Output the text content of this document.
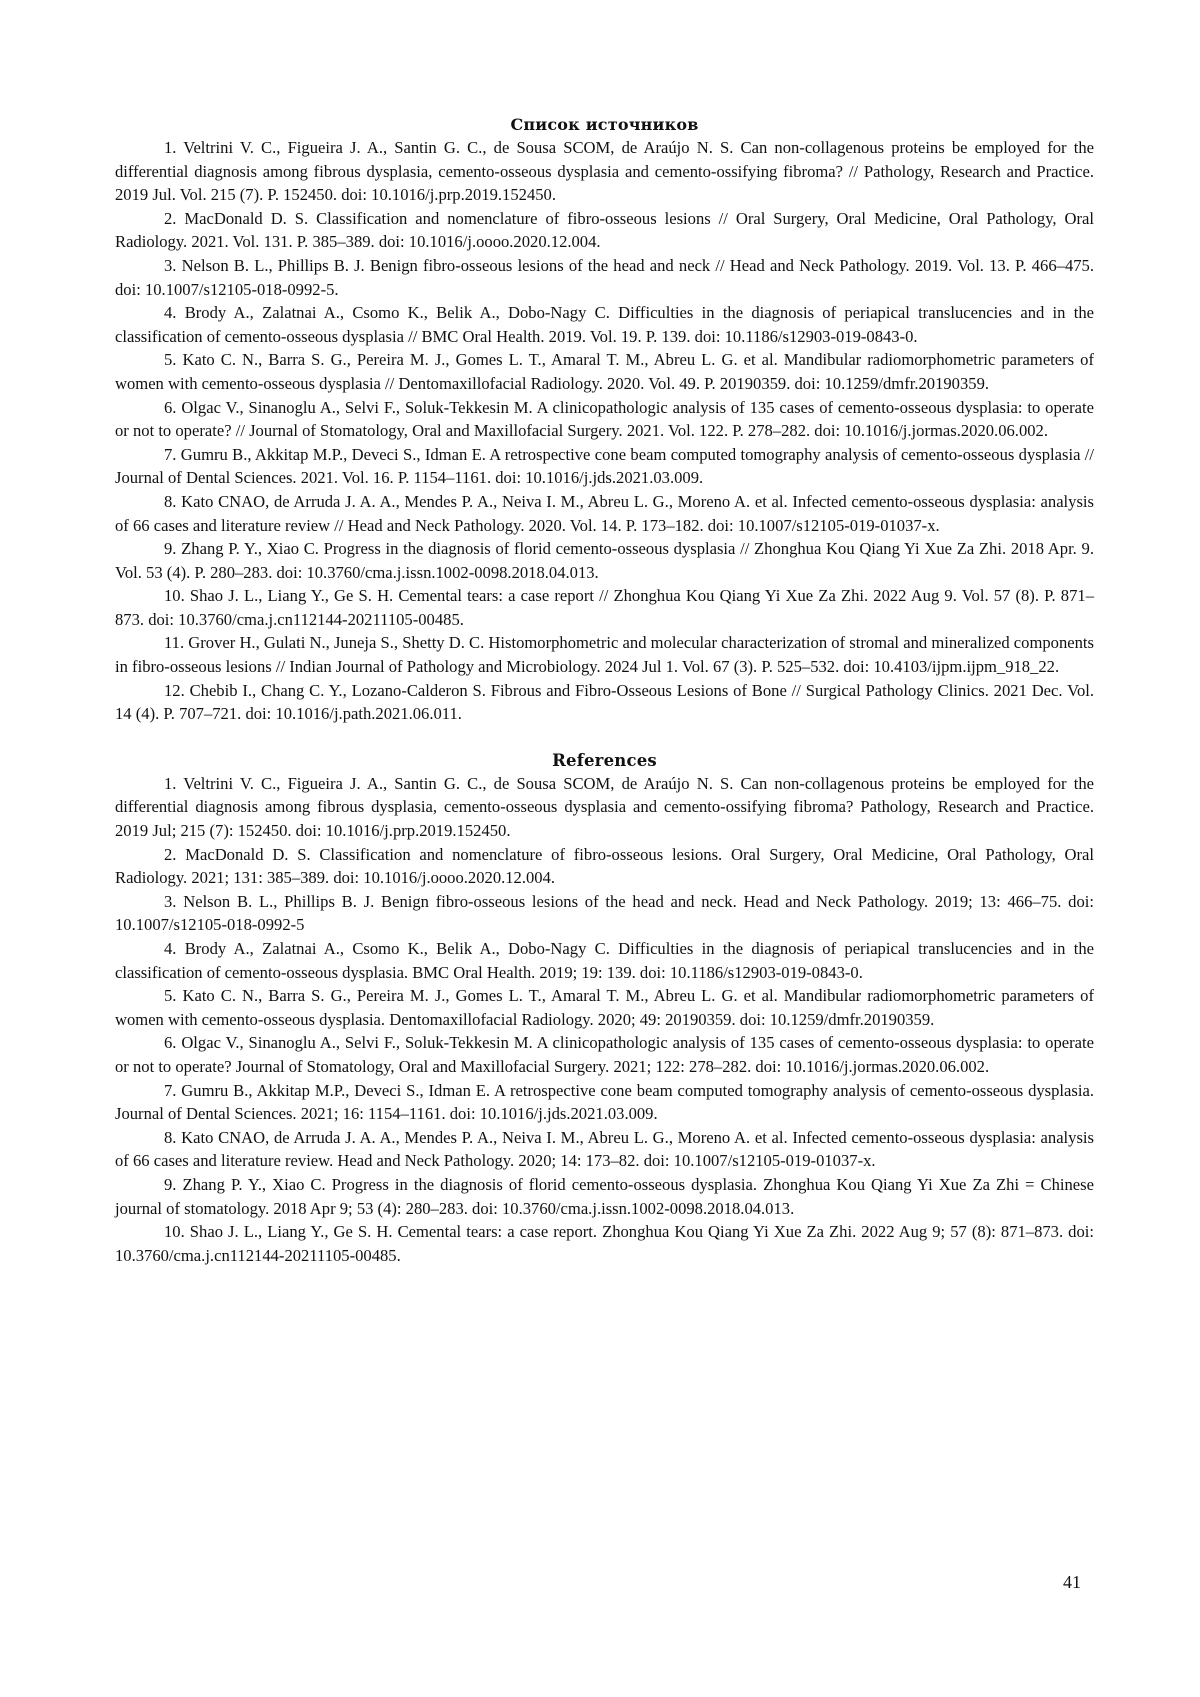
Список источников
1. Veltrini V. C., Figueira J. A., Santin G. C., de Sousa SCOM, de Araújo N. S. Can non-collagenous proteins be employed for the differential diagnosis among fibrous dysplasia, cemento-osseous dysplasia and cemento-ossifying fibroma? // Pathology, Research and Practice. 2019 Jul. Vol. 215 (7). P. 152450. doi: 10.1016/j.prp.2019.152450.
2. MacDonald D. S. Classification and nomenclature of fibro-osseous lesions // Oral Surgery, Oral Medicine, Oral Pathology, Oral Radiology. 2021. Vol. 131. P. 385–389. doi: 10.1016/j.oooo.2020.12.004.
3. Nelson B. L., Phillips B. J. Benign fibro-osseous lesions of the head and neck // Head and Neck Pathology. 2019. Vol. 13. P. 466–475. doi: 10.1007/s12105-018-0992-5.
4. Brody A., Zalatnai A., Csomo K., Belik A., Dobo-Nagy C. Difficulties in the diagnosis of periapical translucencies and in the classification of cemento-osseous dysplasia // BMC Oral Health. 2019. Vol. 19. P. 139. doi: 10.1186/s12903-019-0843-0.
5. Kato C. N., Barra S. G., Pereira M. J., Gomes L. T., Amaral T. M., Abreu L. G. et al. Mandibular radiomorphometric parameters of women with cemento-osseous dysplasia // Dentomaxillofacial Radiology. 2020. Vol. 49. P. 20190359. doi: 10.1259/dmfr.20190359.
6. Olgac V., Sinanoglu A., Selvi F., Soluk-Tekkesin M. A clinicopathologic analysis of 135 cases of cemento-osseous dysplasia: to operate or not to operate? // Journal of Stomatology, Oral and Maxillofacial Surgery. 2021. Vol. 122. P. 278–282. doi: 10.1016/j.jormas.2020.06.002.
7. Gumru B., Akkitap M.P., Deveci S., Idman E. A retrospective cone beam computed tomography analysis of cemento-osseous dysplasia // Journal of Dental Sciences. 2021. Vol. 16. P. 1154–1161. doi: 10.1016/j.jds.2021.03.009.
8. Kato CNAO, de Arruda J. A. A., Mendes P. A., Neiva I. M., Abreu L. G., Moreno A. et al. Infected cemento-osseous dysplasia: analysis of 66 cases and literature review // Head and Neck Pathology. 2020. Vol. 14. P. 173–182. doi: 10.1007/s12105-019-01037-x.
9. Zhang P. Y., Xiao C. Progress in the diagnosis of florid cemento-osseous dysplasia // Zhonghua Kou Qiang Yi Xue Za Zhi. 2018 Apr. 9. Vol. 53 (4). P. 280–283. doi: 10.3760/cma.j.issn.1002-0098.2018.04.013.
10. Shao J. L., Liang Y., Ge S. H. Cemental tears: a case report // Zhonghua Kou Qiang Yi Xue Za Zhi. 2022 Aug 9. Vol. 57 (8). P. 871–873. doi: 10.3760/cma.j.cn112144-20211105-00485.
11. Grover H., Gulati N., Juneja S., Shetty D. C. Histomorphometric and molecular characterization of stromal and mineralized components in fibro-osseous lesions // Indian Journal of Pathology and Microbiology. 2024 Jul 1. Vol. 67 (3). P. 525–532. doi: 10.4103/ijpm.ijpm_918_22.
12. Chebib I., Chang C. Y., Lozano-Calderon S. Fibrous and Fibro-Osseous Lesions of Bone // Surgical Pathology Clinics. 2021 Dec. Vol. 14 (4). P. 707–721. doi: 10.1016/j.path.2021.06.011.
References
1. Veltrini V. C., Figueira J. A., Santin G. C., de Sousa SCOM, de Araújo N. S. Can non-collagenous proteins be employed for the differential diagnosis among fibrous dysplasia, cemento-osseous dysplasia and cemento-ossifying fibroma? Pathology, Research and Practice. 2019 Jul; 215 (7): 152450. doi: 10.1016/j.prp.2019.152450.
2. MacDonald D. S. Classification and nomenclature of fibro-osseous lesions. Oral Surgery, Oral Medicine, Oral Pathology, Oral Radiology. 2021; 131: 385–389. doi: 10.1016/j.oooo.2020.12.004.
3. Nelson B. L., Phillips B. J. Benign fibro-osseous lesions of the head and neck. Head and Neck Pathology. 2019; 13: 466–75. doi: 10.1007/s12105-018-0992-5
4. Brody A., Zalatnai A., Csomo K., Belik A., Dobo-Nagy C. Difficulties in the diagnosis of periapical translucencies and in the classification of cemento-osseous dysplasia. BMC Oral Health. 2019; 19: 139. doi: 10.1186/s12903-019-0843-0.
5. Kato C. N., Barra S. G., Pereira M. J., Gomes L. T., Amaral T. M., Abreu L. G. et al. Mandibular radiomorphometric parameters of women with cemento-osseous dysplasia. Dentomaxillofacial Radiology. 2020; 49: 20190359. doi: 10.1259/dmfr.20190359.
6. Olgac V., Sinanoglu A., Selvi F., Soluk-Tekkesin M. A clinicopathologic analysis of 135 cases of cemento-osseous dysplasia: to operate or not to operate? Journal of Stomatology, Oral and Maxillofacial Surgery. 2021; 122: 278–282. doi: 10.1016/j.jormas.2020.06.002.
7. Gumru B., Akkitap M.P., Deveci S., Idman E. A retrospective cone beam computed tomography analysis of cemento-osseous dysplasia. Journal of Dental Sciences. 2021; 16: 1154–1161. doi: 10.1016/j.jds.2021.03.009.
8. Kato CNAO, de Arruda J. A. A., Mendes P. A., Neiva I. M., Abreu L. G., Moreno A. et al. Infected cemento-osseous dysplasia: analysis of 66 cases and literature review. Head and Neck Pathology. 2020; 14: 173–82. doi: 10.1007/s12105-019-01037-x.
9. Zhang P. Y., Xiao C. Progress in the diagnosis of florid cemento-osseous dysplasia. Zhonghua Kou Qiang Yi Xue Za Zhi = Chinese journal of stomatology. 2018 Apr 9; 53 (4): 280–283. doi: 10.3760/cma.j.issn.1002-0098.2018.04.013.
10. Shao J. L., Liang Y., Ge S. H. Cemental tears: a case report. Zhonghua Kou Qiang Yi Xue Za Zhi. 2022 Aug 9; 57 (8): 871–873. doi: 10.3760/cma.j.cn112144-20211105-00485.
41
